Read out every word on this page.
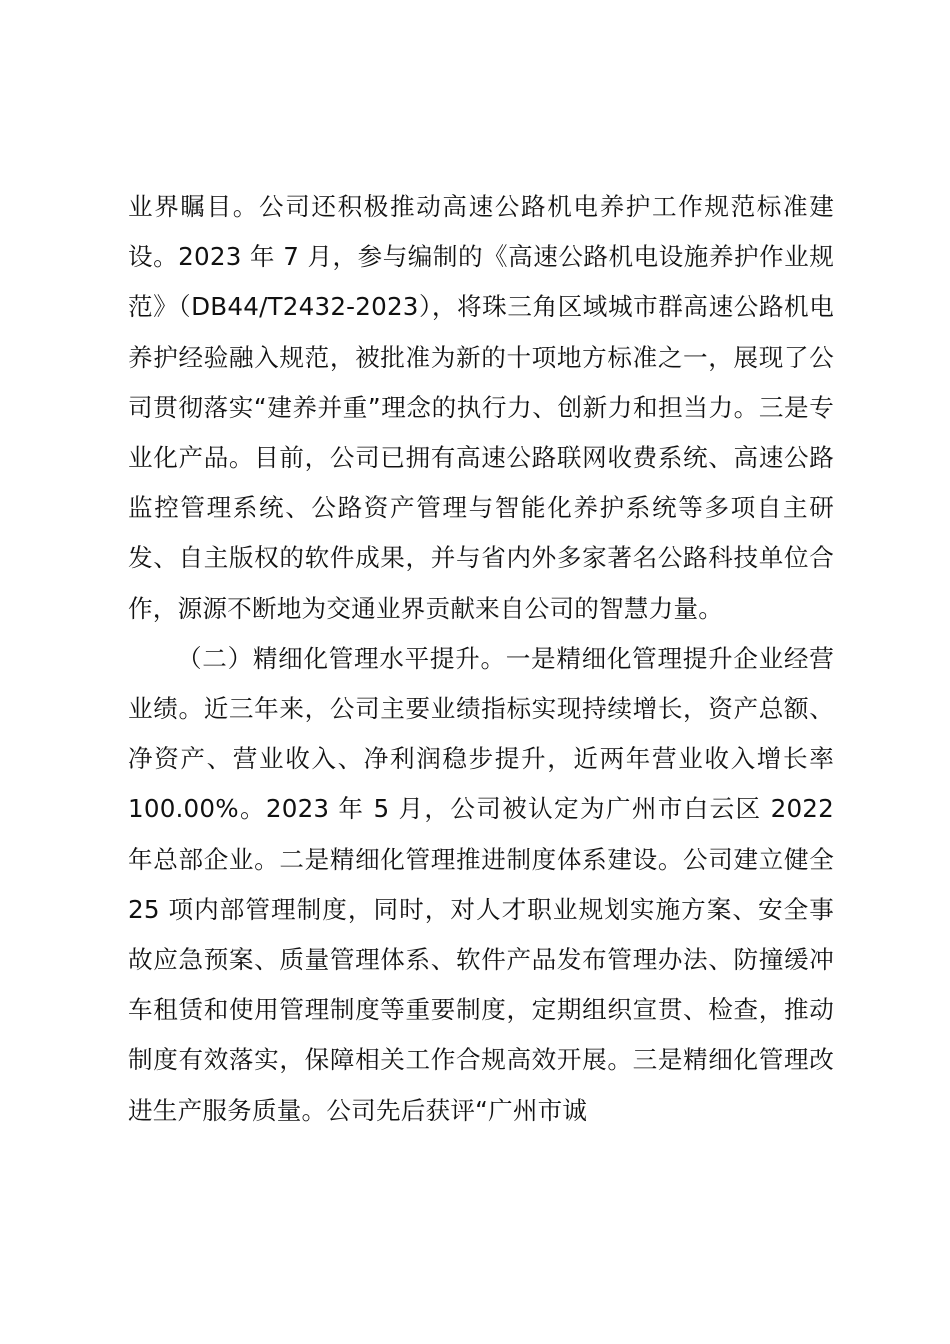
业界瞩目。公司还积极推动高速公路机电养护工作规范标准建设。2023 年 7 月，参与编制的《高速公路机电设施养护作业规范》（DB44/T2432-2023），将珠三角区域城市群高速公路机电养护经验融入规范，被批准为新的十项地方标准之一，展现了公司贯彻落实“建养并重”理念的执行力、创新力和担当力。三是专业化产品。目前，公司已拥有高速公路联网收费系统、高速公路监控管理系统、公路资产管理与智能化养护系统等多项自主研发、自主版权的软件成果，并与省内外多家著名公路科技单位合作，源源不断地为交通业界贡献来自公司的智慧力量。

（二）精细化管理水平提升。一是精细化管理提升企业经营业绩。近三年来，公司主要业绩指标实现持续增长，资产总额、净资产、营业收入、净利润稳步提升，近两年营业收入增长率 100.00%。2023 年 5 月，公司被认定为广州市白云区 2022 年总部企业。二是精细化管理推进制度体系建设。公司建立健全 25 项内部管理制度，同时，对人才职业规划实施方案、安全事故应急预案、质量管理体系、软件产品发布管理办法、防撞缓冲车租赁和使用管理制度等重要制度，定期组织宣贯、检查，推动制度有效落实，保障相关工作合规高效开展。三是精细化管理改进生产服务质量。公司先后获评“广州市诚
